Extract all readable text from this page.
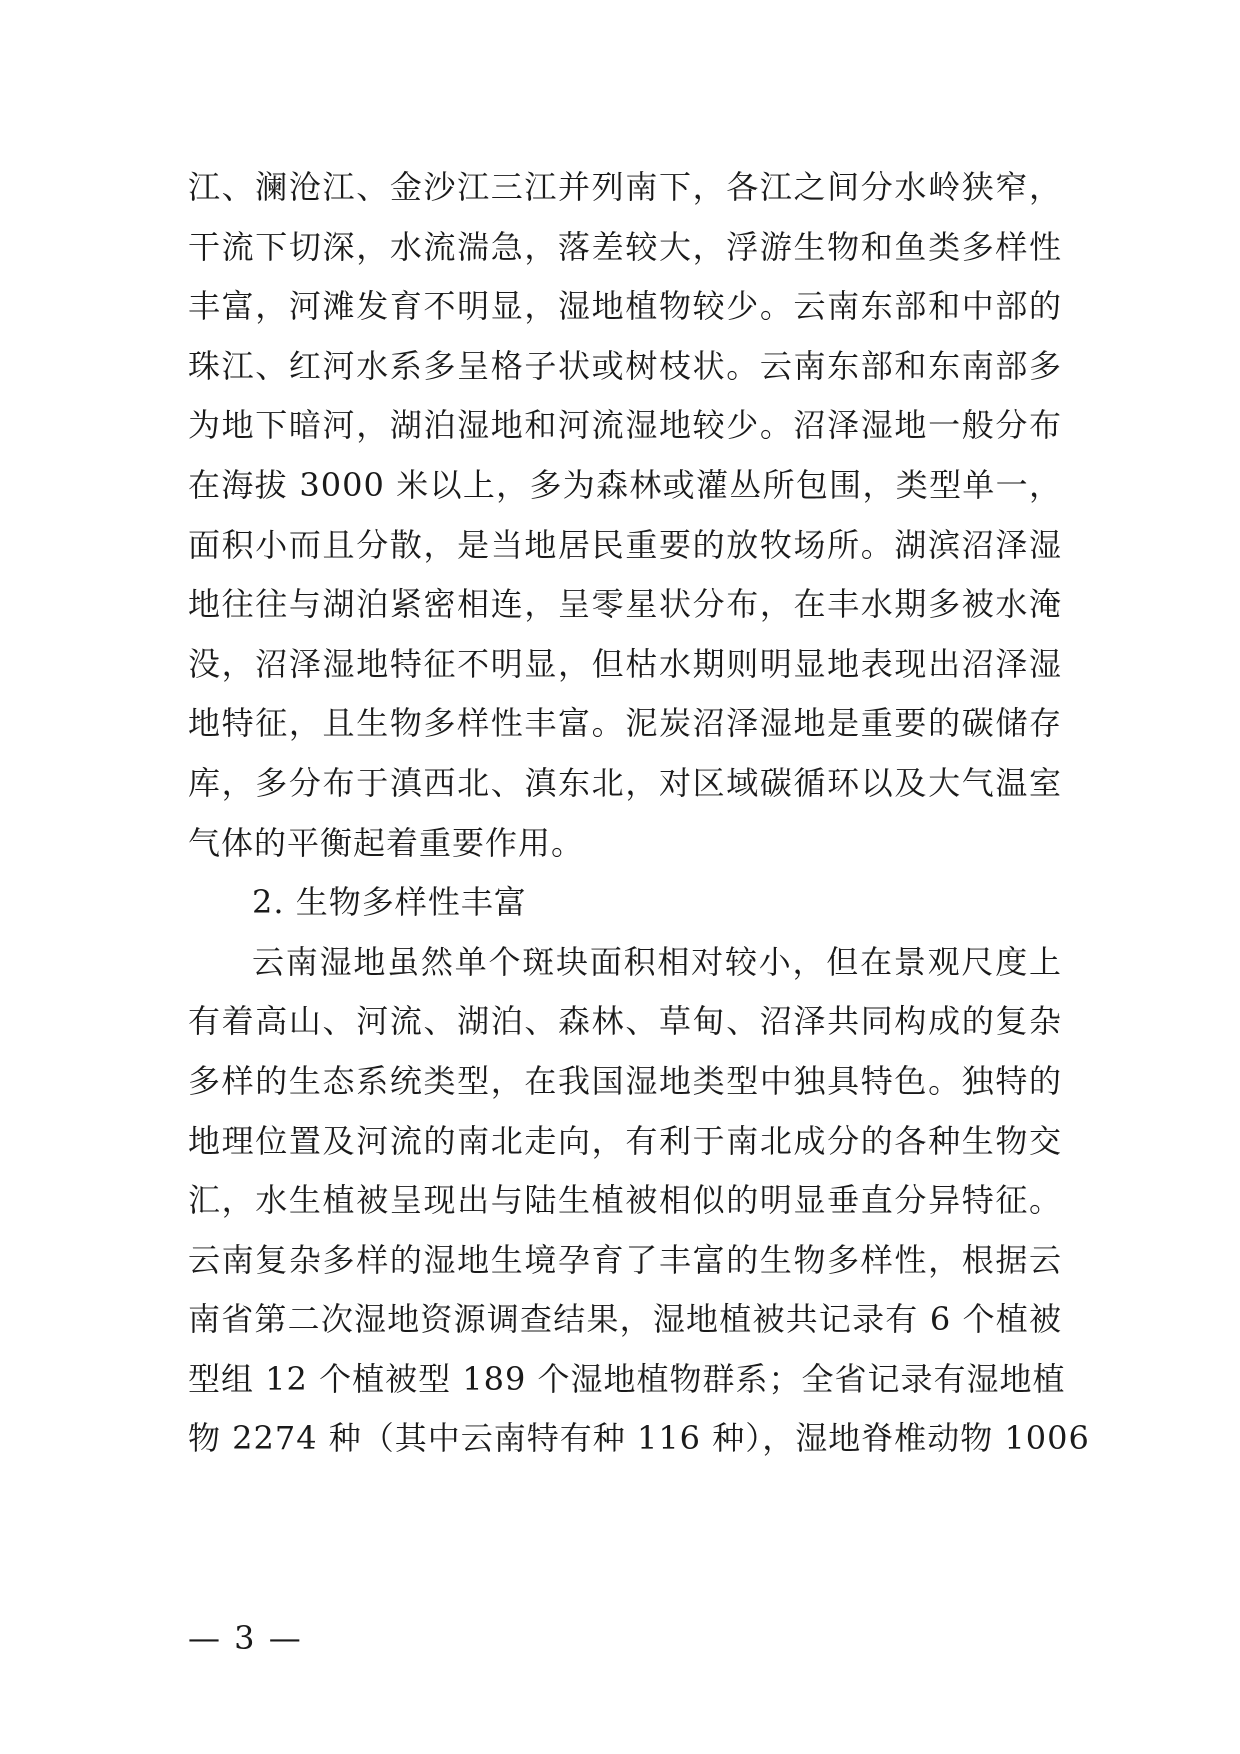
江、澜沧江、金沙江三江并列南下，各江之间分水岭狭窄，
干流下切深，水流湍急，落差较大，浮游生物和鱼类多样性
丰富，河滩发育不明显，湿地植物较少。云南东部和中部的
珠江、红河水系多呈格子状或树枝状。云南东部和东南部多
为地下暗河，湖泊湿地和河流湿地较少。沼泽湿地一般分布
在海拔 3000 米以上，多为森林或灌丛所包围，类型单一，
面积小而且分散，是当地居民重要的放牧场所。湖滨沼泽湿
地往往与湖泊紧密相连，呈零星状分布，在丰水期多被水淹
没，沼泽湿地特征不明显，但枯水期则明显地表现出沼泽湿
地特征，且生物多样性丰富。泥炭沼泽湿地是重要的碳储存
库，多分布于滇西北、滇东北，对区域碳循环以及大气温室
气体的平衡起着重要作用。
2. 生物多样性丰富
云南湿地虽然单个斑块面积相对较小，但在景观尺度上
有着高山、河流、湖泊、森林、草甸、沼泽共同构成的复杂
多样的生态系统类型，在我国湿地类型中独具特色。独特的
地理位置及河流的南北走向，有利于南北成分的各种生物交
汇，水生植被呈现出与陆生植被相似的明显垂直分异特征。
云南复杂多样的湿地生境孕育了丰富的生物多样性，根据云
南省第二次湿地资源调查结果，湿地植被共记录有 6 个植被
型组 12 个植被型 189 个湿地植物群系；全省记录有湿地植
物 2274 种（其中云南特有种 116 种），湿地脊椎动物 1006
— 3 —
